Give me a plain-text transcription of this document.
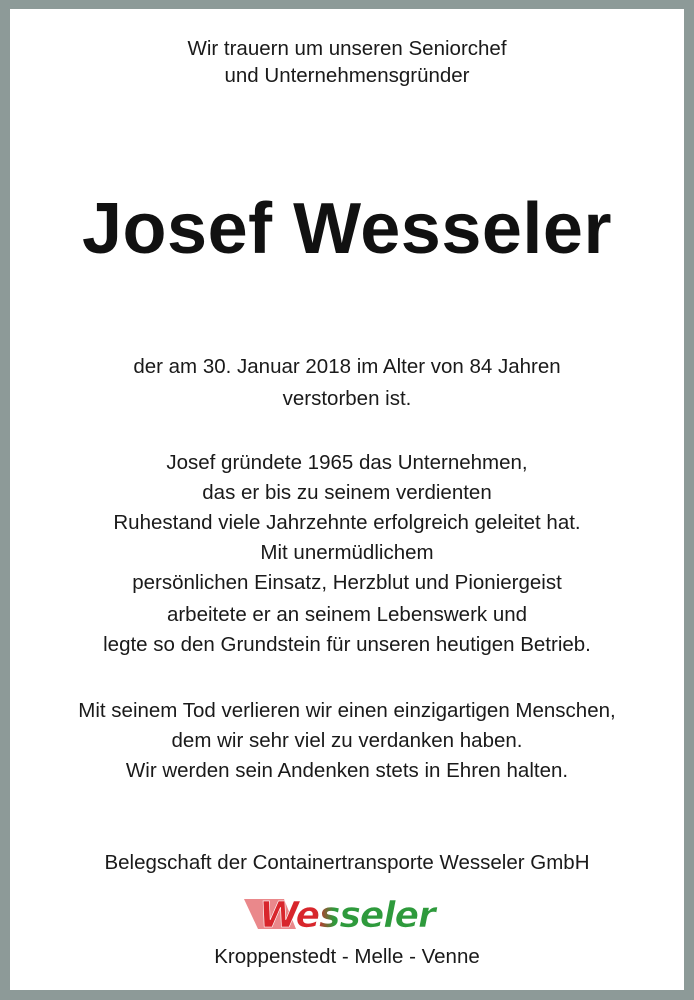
Wir trauern um unseren Seniorchef

und Unternehmensgründer

Josef Wesseler

der am 30. Januar 2018 im Alter von 84 Jahren

verstorben ist.

Josef gründete 1965 das Unternehmen,

das er bis zu seinem verdienten

Ruhestand viele Jahrzehnte erfolgreich geleitet hat.

Mit unermüdlichem

persönlichen Einsatz, Herzblut und Pioniergeist

arbeitete er an seinem Lebenswerk und

legte so den Grundstein für unseren heutigen Betrieb.

Mit seinem Tod verlieren wir einen einzigartigen Menschen,

dem wir sehr viel zu verdanken haben.

Wir werden sein Andenken stets in Ehren halten.

Belegschaft der Containertransporte Wesseler GmbH

Wesseler

Kroppenstedt - Melle - Venne
